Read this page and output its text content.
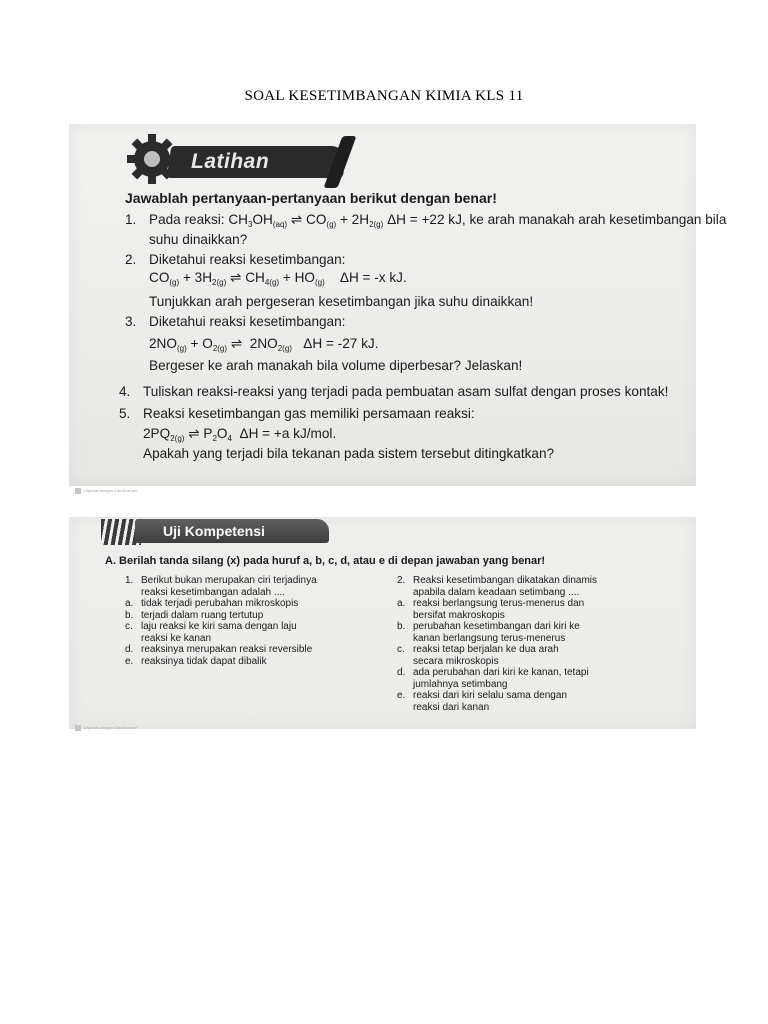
SOAL KESETIMBANGAN KIMIA KLS 11
Latihan
Jawablah pertanyaan-pertanyaan berikut dengan benar!
1. Pada reaksi: $CH_3OH_{(aq)}$ ⇌ $CO_{(g)} + 2H_{2(g)}$ ΔH = +22 kJ, ke arah manakah arah kesetimbangan bila
suhu dinaikkan?
2. Diketahui reaksi kesetimbangan:
$CO_{(g)} + 3H_{2(g)}$ ⇌ $CH_{4(g)} + HO_{(g)}$ ΔH = -x kJ.
Tunjukkan arah pergeseran kesetimbangan jika suhu dinaikkan!
3. Diketahui reaksi kesetimbangan:
$2NO_{(g)} + O_{2(g)}$ ⇌  $2NO_{2(g)}$ ΔH = -27 kJ.
Bergeser ke arah manakah bila volume diperbesar? Jelaskan!
4. Tuliskan reaksi-reaksi yang terjadi pada pembuatan asam sulfat dengan proses kontak!
5. Reaksi kesetimbangan gas memiliki persamaan reaksi:
$2PQ_{2(g)}$ ⇌ $P_2O_4$ ΔH = +a kJ/mol.
Apakah yang terjadi bila tekanan pada sistem tersebut ditingkatkan?
Dipindai dengan CamScanner
Uji Kompetensi
A. Berilah tanda silang (x) pada huruf a, b, c, d, atau e di depan jawaban yang benar!
1. Berikut bukan merupakan ciri terjadinya
reaksi kesetimbangan adalah ....
a. tidak terjadi perubahan mikroskopis
b. terjadi dalam ruang tertutup
c. laju reaksi ke kiri sama dengan laju
reaksi ke kanan
d. reaksinya merupakan reaksi reversible
e. reaksinya tidak dapat dibalik
2. Reaksi kesetimbangan dikatakan dinamis
apabila dalam keadaan setimbang ....
a. reaksi berlangsung terus-menerus dan
bersifat makroskopis
b. perubahan kesetimbangan dari kiri ke
kanan berlangsung terus-menerus
c. reaksi tetap berjalan ke dua arah
secara mikroskopis
d. ada perubahan dari kiri ke kanan, tetapi
jumlahnya setimbang
e. reaksi dari kiri selalu sama dengan
reaksi dari kanan
Dipindai dengan CamScanner
